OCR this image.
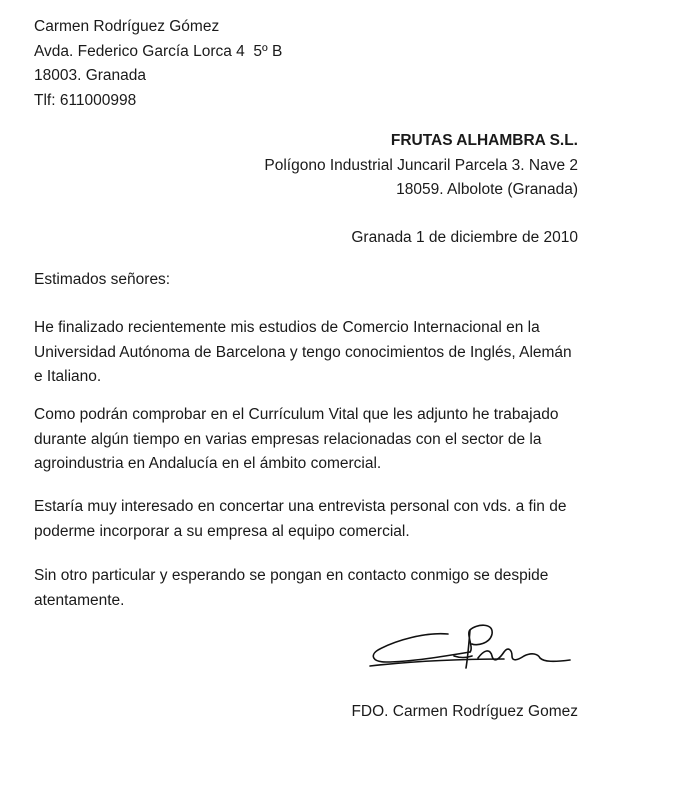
Carmen Rodríguez Gómez
Avda. Federico García Lorca 4  5º B
18003. Granada
Tlf: 611000998
FRUTAS ALHAMBRA S.L.
Polígono Industrial Juncaril Parcela 3. Nave 2
18059. Albolote (Granada)
Granada 1 de diciembre de 2010
Estimados señores:
He finalizado recientemente mis estudios de Comercio Internacional en la
Universidad Autónoma de Barcelona y tengo conocimientos de Inglés, Alemán
e Italiano.
Como podrán comprobar en el Currículum Vital que les adjunto he trabajado
durante algún tiempo en varias empresas relacionadas con el sector de la
agroindustria en Andalucía en el ámbito comercial.
Estaría muy interesado en concertar una entrevista personal con vds. a fin de
poderme incorporar a su empresa al equipo comercial.
Sin otro particular y esperando se pongan en contacto conmigo se despide
atentamente.
FDO. Carmen Rodríguez Gomez
